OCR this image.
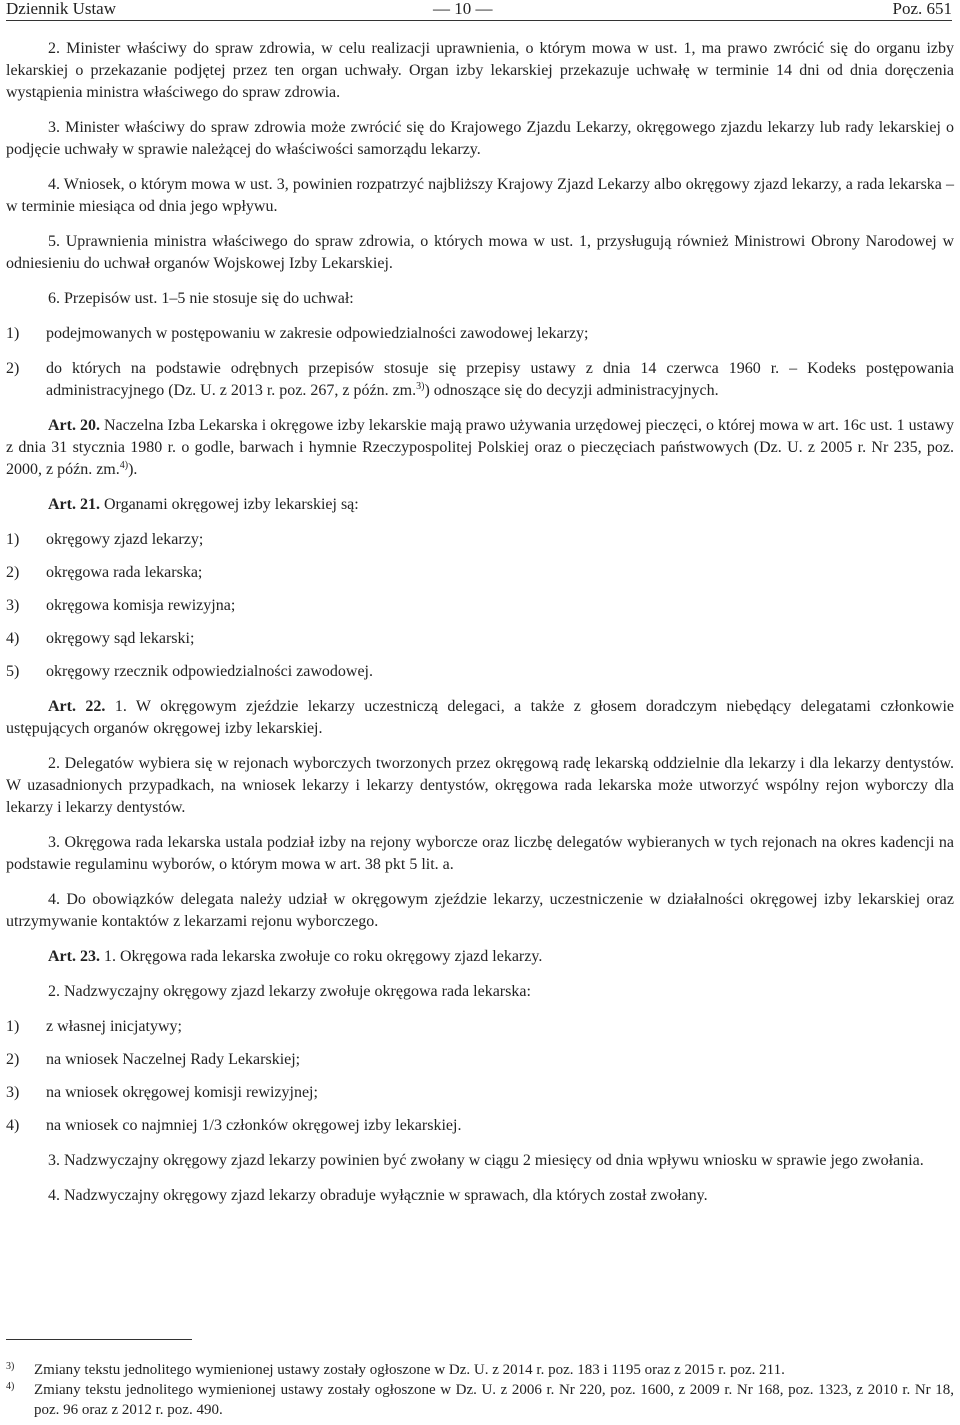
Dziennik Ustaw	— 10 —	Poz. 651

2. Minister właściwy do spraw zdrowia, w celu realizacji uprawnienia, o którym mowa w ust. 1, ma prawo zwrócić się do organu izby lekarskiej o przekazanie podjętej przez ten organ uchwały. Organ izby lekarskiej przekazuje uchwałę w terminie 14 dni od dnia doręczenia wystąpienia ministra właściwego do spraw zdrowia.

3. Minister właściwy do spraw zdrowia może zwrócić się do Krajowego Zjazdu Lekarzy, okręgowego zjazdu lekarzy lub rady lekarskiej o podjęcie uchwały w sprawie należącej do właściwości samorządu lekarzy.

4. Wniosek, o którym mowa w ust. 3, powinien rozpatrzyć najbliższy Krajowy Zjazd Lekarzy albo okręgowy zjazd lekarzy, a rada lekarska – w terminie miesiąca od dnia jego wpływu.

5. Uprawnienia ministra właściwego do spraw zdrowia, o których mowa w ust. 1, przysługują również Ministrowi Obrony Narodowej w odniesieniu do uchwał organów Wojskowej Izby Lekarskiej.

6. Przepisów ust. 1–5 nie stosuje się do uchwał:

1)	podejmowanych w postępowaniu w zakresie odpowiedzialności zawodowej lekarzy;
2)	do których na podstawie odrębnych przepisów stosuje się przepisy ustawy z dnia 14 czerwca 1960 r. – Kodeks postępowania administracyjnego (Dz. U. z 2013 r. poz. 267, z późn. zm.$^{3)}$) odnoszące się do decyzji administracyjnych.

Art. 20. Naczelna Izba Lekarska i okręgowe izby lekarskie mają prawo używania urzędowej pieczęci, o której mowa w art. 16c ust. 1 ustawy z dnia 31 stycznia 1980 r. o godle, barwach i hymnie Rzeczypospolitej Polskiej oraz o pieczęciach państwowych (Dz. U. z 2005 r. Nr 235, poz. 2000, z późn. zm.$^{4)}$).

Art. 21. Organami okręgowej izby lekarskiej są:

1)	okręgowy zjazd lekarzy;
2)	okręgowa rada lekarska;
3)	okręgowa komisja rewizyjna;
4)	okręgowy sąd lekarski;
5)	okręgowy rzecznik odpowiedzialności zawodowej.

Art. 22. 1. W okręgowym zjeździe lekarzy uczestniczą delegaci, a także z głosem doradczym niebędący delegatami członkowie ustępujących organów okręgowej izby lekarskiej.

2. Delegatów wybiera się w rejonach wyborczych tworzonych przez okręgową radę lekarską oddzielnie dla lekarzy i dla lekarzy dentystów. W uzasadnionych przypadkach, na wniosek lekarzy i lekarzy dentystów, okręgowa rada lekarska może utworzyć wspólny rejon wyborczy dla lekarzy i lekarzy dentystów.

3. Okręgowa rada lekarska ustala podział izby na rejony wyborcze oraz liczbę delegatów wybieranych w tych rejonach na okres kadencji na podstawie regulaminu wyborów, o którym mowa w art. 38 pkt 5 lit. a.

4. Do obowiązków delegata należy udział w okręgowym zjeździe lekarzy, uczestniczenie w działalności okręgowej izby lekarskiej oraz utrzymywanie kontaktów z lekarzami rejonu wyborczego.

Art. 23. 1. Okręgowa rada lekarska zwołuje co roku okręgowy zjazd lekarzy.

2. Nadzwyczajny okręgowy zjazd lekarzy zwołuje okręgowa rada lekarska:

1)	z własnej inicjatywy;
2)	na wniosek Naczelnej Rady Lekarskiej;
3)	na wniosek okręgowej komisji rewizyjnej;
4)	na wniosek co najmniej 1/3 członków okręgowej izby lekarskiej.

3. Nadzwyczajny okręgowy zjazd lekarzy powinien być zwołany w ciągu 2 miesięcy od dnia wpływu wniosku w sprawie jego zwołania.

4. Nadzwyczajny okręgowy zjazd lekarzy obraduje wyłącznie w sprawach, dla których został zwołany.

3)	Zmiany tekstu jednolitego wymienionej ustawy zostały ogłoszone w Dz. U. z 2014 r. poz. 183 i 1195 oraz z 2015 r. poz. 211.
4)	Zmiany tekstu jednolitego wymienionej ustawy zostały ogłoszone w Dz. U. z 2006 r. Nr 220, poz. 1600, z 2009 r. Nr 168, poz. 1323, z 2010 r. Nr 18, poz. 96 oraz z 2012 r. poz. 490.
